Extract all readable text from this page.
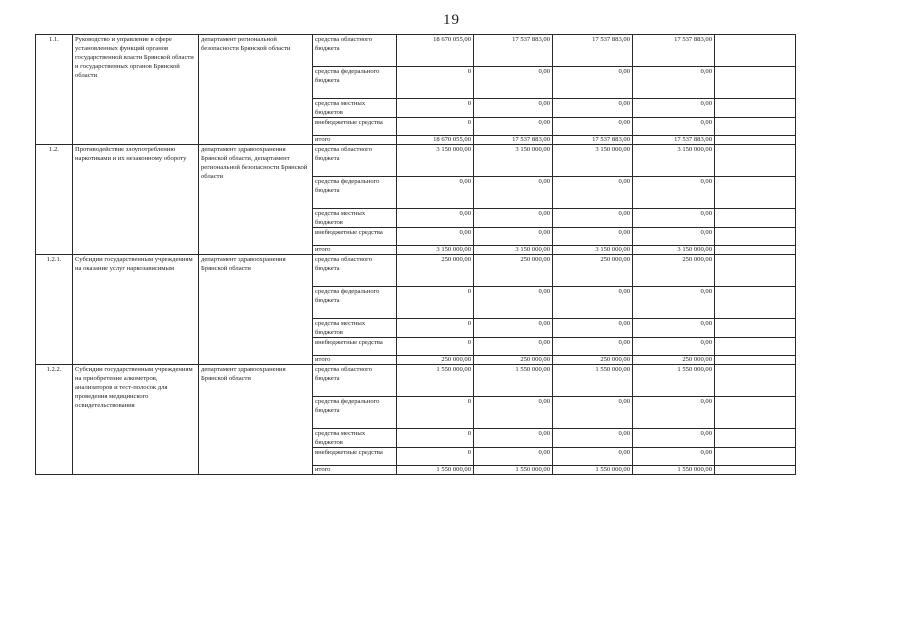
19
1.1.	Руководство и управление в сфере установленных функций органов государственной власти Брянской области и государственных органов Брянской области	департамент региональной безопасности Брянской области	средства областного бюджета	18 670 055,00	17 537 883,00	17 537 883,00	17 537 883,00	
			средства федерального бюджета	0	0,00	0,00	0,00	
			средства местных бюджетов	0	0,00	0,00	0,00	
			внебюджетные средства	0	0,00	0,00	0,00	
			итого	18 670 055,00	17 537 883,00	17 537 883,00	17 537 883,00	
1.2.	Противодействие злоупотреблению наркотиками и их незаконному обороту	департамент здравоохранения Брянской области, департамент региональной безопасности Брянской области	средства областного бюджета	3 150 000,00	3 150 000,00	3 150 000,00	3 150 000,00	
			средства федерального бюджета	0,00	0,00	0,00	0,00	
			средства местных бюджетов	0,00	0,00	0,00	0,00	
			внебюджетные средства	0,00	0,00	0,00	0,00	
			итого	3 150 000,00	3 150 000,00	3 150 000,00	3 150 000,00	
1.2.1.	Субсидии государственным учреждениям на оказание услуг наркозависимым	департамент здравоохранения Брянской области	средства областного бюджета	250 000,00	250 000,00	250 000,00	250 000,00	
			средства федерального бюджета	0	0,00	0,00	0,00	
			средства местных бюджетов	0	0,00	0,00	0,00	
			внебюджетные средства	0	0,00	0,00	0,00	
			итого	250 000,00	250 000,00	250 000,00	250 000,00	
1.2.2.	Субсидии государственным учреждениям на приобретение алкометров, анализаторов и тест-полосок для проведения медицинского освидетельствования	департамент здравоохранения Брянской области	средства областного бюджета	1 550 000,00	1 550 000,00	1 550 000,00	1 550 000,00	
			средства федерального бюджета	0	0,00	0,00	0,00	
			средства местных бюджетов	0	0,00	0,00	0,00	
			внебюджетные средства	0	0,00	0,00	0,00	
			итого	1 550 000,00	1 550 000,00	1 550 000,00	1 550 000,00	
